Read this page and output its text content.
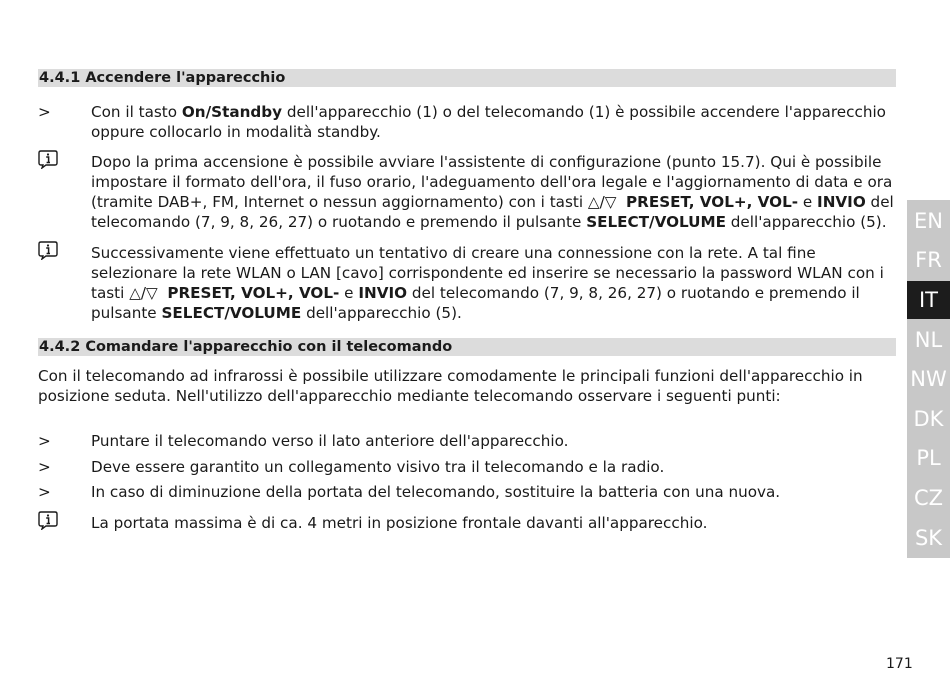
4.4.1 Accendere l'apparecchio
>	Con il tasto On/Standby dell'apparecchio (1) o del telecomando (1) è possibile accendere l'apparecchio
oppure collocarlo in modalità standby.
Dopo la prima accensione è possibile avviare l'assistente di configurazione (punto 15.7). Qui è possibile
impostare il formato dell'ora, il fuso orario, l'adeguamento dell'ora legale e l'aggiornamento di data e ora
(tramite DAB+, FM, Internet o nessun aggiornamento) con i tasti △/▽ PRESET, VOL+, VOL- e INVIO del
telecomando (7, 9, 8, 26, 27) o ruotando e premendo il pulsante SELECT/VOLUME dell'apparecchio (5).
Successivamente viene effettuato un tentativo di creare una connessione con la rete. A tal fine
selezionare la rete WLAN o LAN [cavo] corrispondente ed inserire se necessario la password WLAN con i
tasti △/▽ PRESET, VOL+, VOL- e INVIO del telecomando (7, 9, 8, 26, 27) o ruotando e premendo il
pulsante SELECT/VOLUME dell'apparecchio (5).
4.4.2 Comandare l'apparecchio con il telecomando
Con il telecomando ad infrarossi è possibile utilizzare comodamente le principali funzioni dell'apparecchio in
posizione seduta. Nell'utilizzo dell'apparecchio mediante telecomando osservare i seguenti punti:
>	Puntare il telecomando verso il lato anteriore dell'apparecchio.
>	Deve essere garantito un collegamento visivo tra il telecomando e la radio.
>	In caso di diminuzione della portata del telecomando, sostituire la batteria con una nuova.
La portata massima è di ca. 4 metri in posizione frontale davanti all'apparecchio.
EN
FR
IT
NL
NW
DK
PL
CZ
SK
171
